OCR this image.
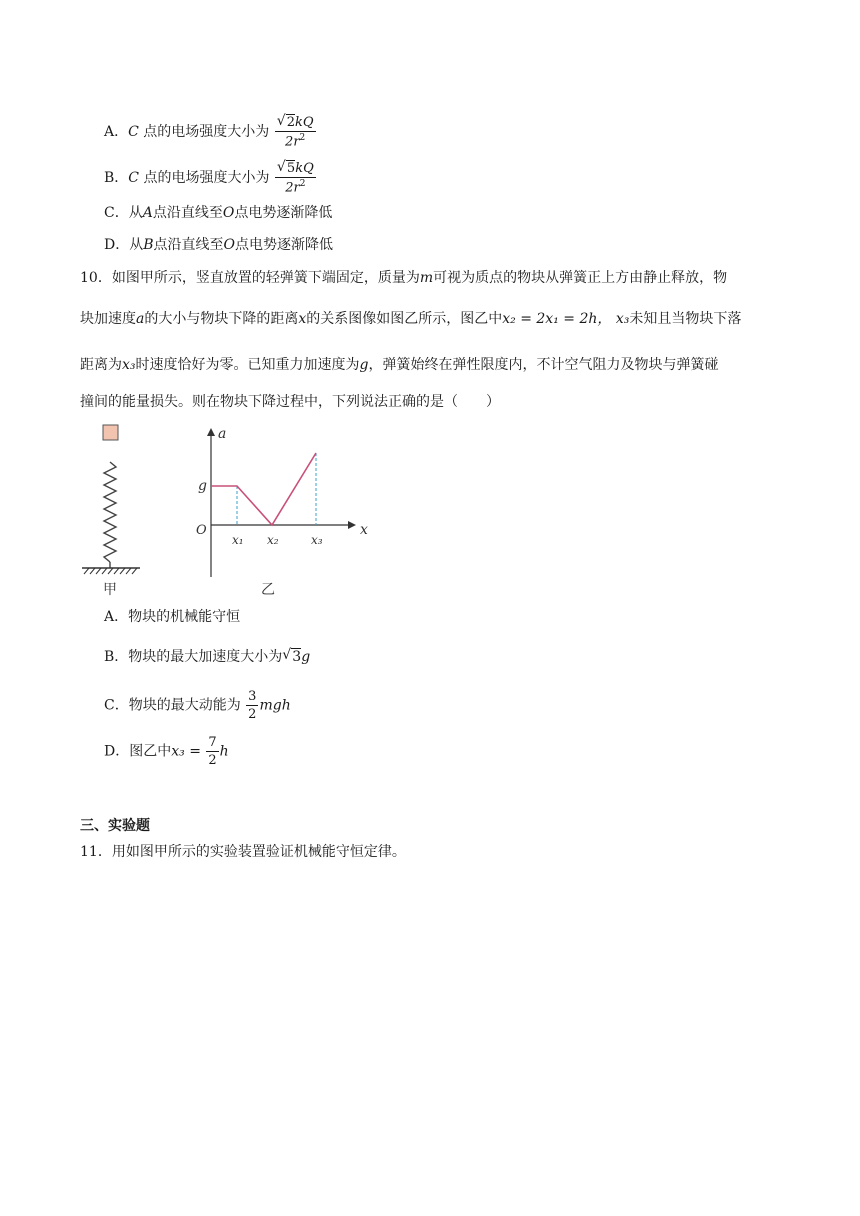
A．C 点的电场强度大小为 $\frac{√ 2kQ}{2r^2}$
B．C 点的电场强度大小为 $\frac{√ 5kQ}{2r^2}$
C．从A点沿直线至O点电势逐渐降低
D．从B点沿直线至O点电势逐渐降低
10．如图甲所示，竖直放置的轻弹簧下端固定，质量为m可视为质点的物块从弹簧正上方由静止释放，物
块加速度a的大小与物块下降的距离x的关系图像如图乙所示，图乙中x₂ = 2x₁ = 2h， x₃未知且当物块下落
距离为x₃时速度恰好为零。已知重力加速度为g，弹簧始终在弹性限度内，不计空气阻力及物块与弹簧碰
撞间的能量损失。则在物块下降过程中，下列说法正确的是（　　）
甲
a
x
O
g
x₁ x₂	x₃
乙
A．物块的机械能守恒
B．物块的最大加速度大小为 √ 3g
C．物块的最大动能为 $\frac{3}{2}$ mgh
D．图乙中$x_3 = \frac{7}{2}$ h
三、实验题
11．用如图甲所示的实验装置验证机械能守恒定律。
